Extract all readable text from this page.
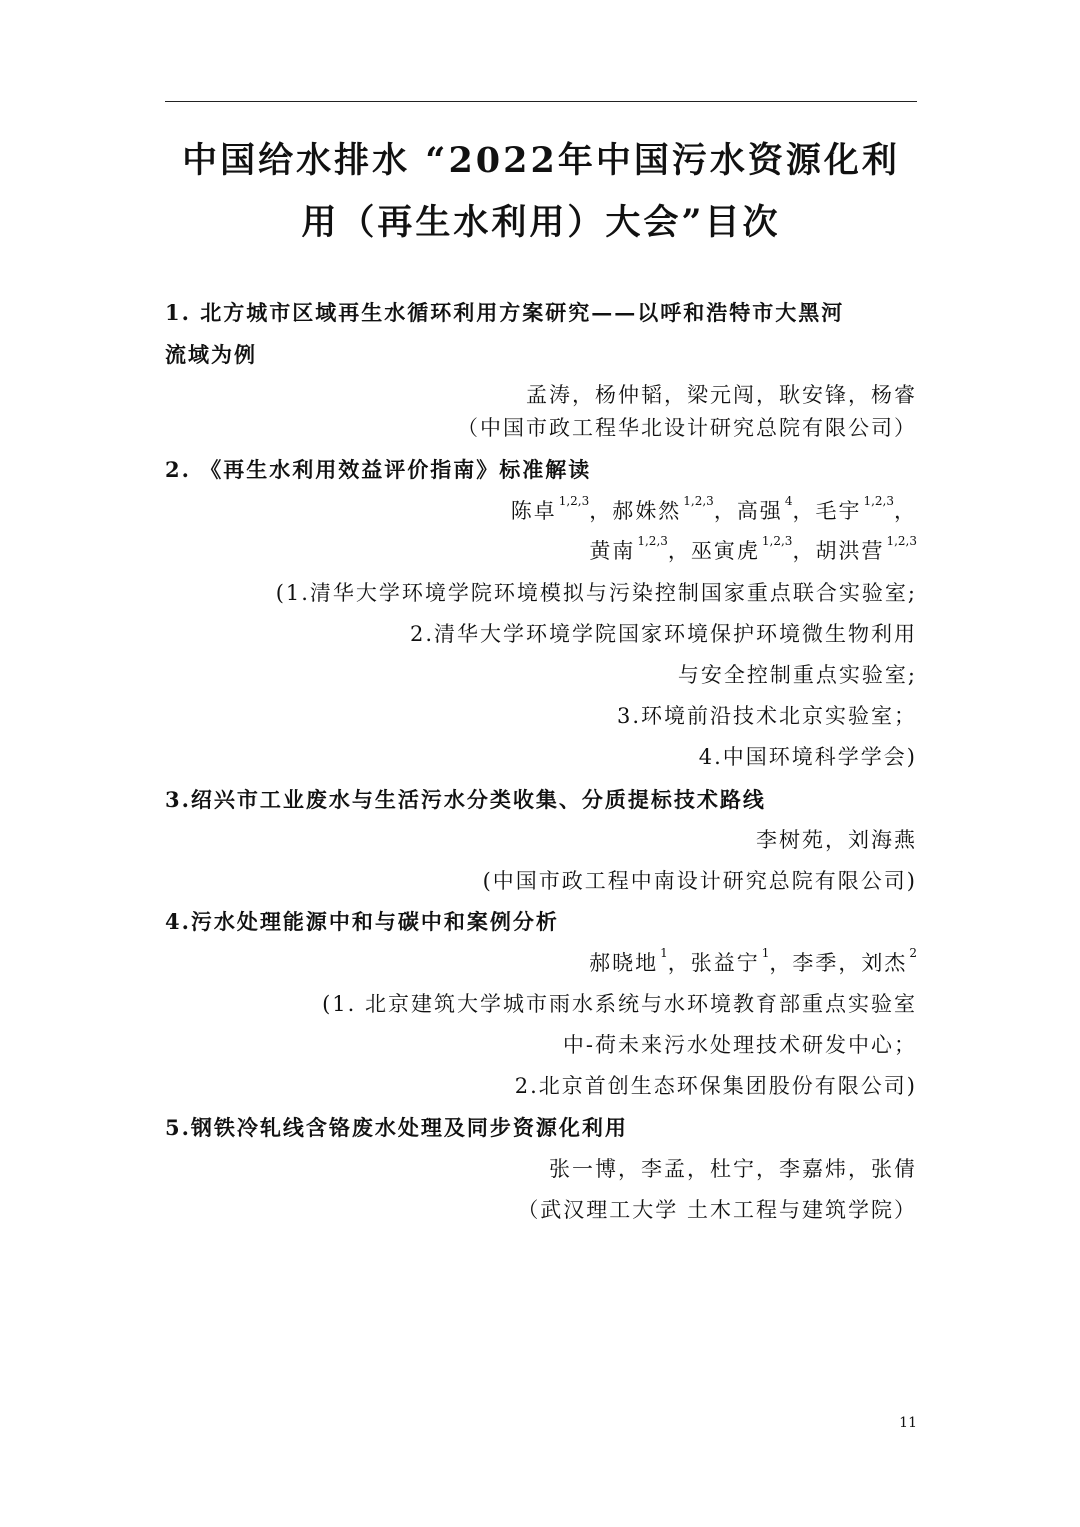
中国给水排水 “2022年中国污水资源化利
用（再生水利用）大会”目次
1. 北方城市区域再生水循环利用方案研究——以呼和浩特市大黑河
流域为例
孟涛，杨仲韬，梁元闯，耿安锋，杨睿
（中国市政工程华北设计研究总院有限公司）
2. 《再生水利用效益评价指南》标准解读
陈卓 $^{1,2,3}$，郝姝然 $^{1,2,3}$，高强 $^4$，毛宇 $^{1,2,3}$，
黄南 $^{1,2,3}$，巫寅虎 $^{1,2,3}$，胡洪营 $^{1,2,3}$
(1.清华大学环境学院环境模拟与污染控制国家重点联合实验室;
2.清华大学环境学院国家环境保护环境微生物利用
与安全控制重点实验室;
3.环境前沿技术北京实验室；
4.中国环境科学学会)
3.绍兴市工业废水与生活污水分类收集、分质提标技术路线
李树苑，刘海燕
(中国市政工程中南设计研究总院有限公司)
4.污水处理能源中和与碳中和案例分析
郝晓地 $^1$，张益宁 $^1$，李季，刘杰 $^2$
(1. 北京建筑大学城市雨水系统与水环境教育部重点实验室
中-荷未来污水处理技术研发中心；
2.北京首创生态环保集团股份有限公司)
5.钢铁冷轧线含铬废水处理及同步资源化利用
张一博，李孟，杜宁，李嘉炜，张倩
（武汉理工大学 土木工程与建筑学院）
11
